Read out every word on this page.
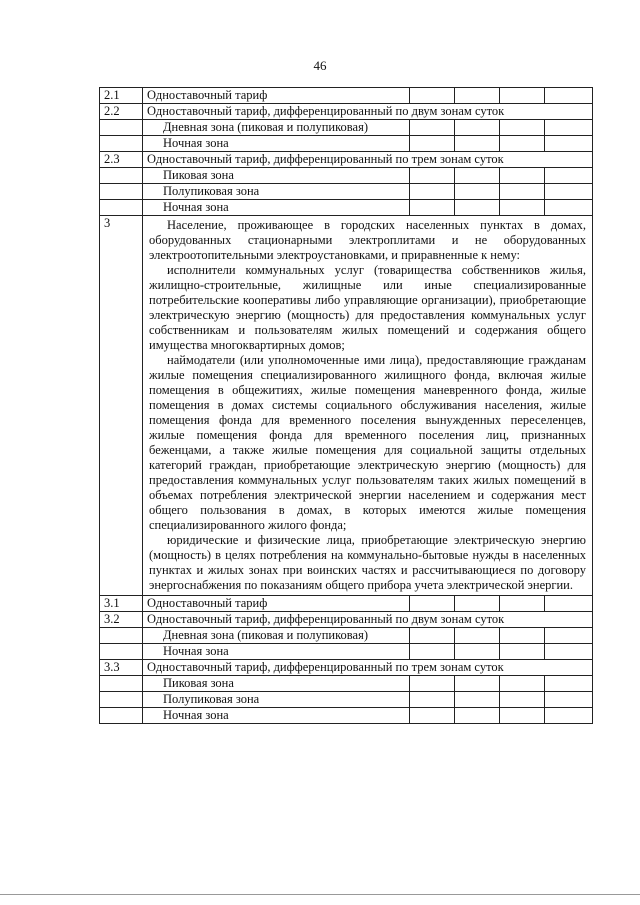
46
2.1	Одноставочный тариф				
2.2	Одноставочный тариф, дифференцированный по двум зонам суток				
	Дневная зона (пиковая и полупиковая)				
	Ночная зона				
2.3	Одноставочный тариф, дифференцированный по трем зонам суток				
	Пиковая зона				
	Полупиковая зона				
	Ночная зона				
3	Население, проживающее в городских населенных пунктах в домах, оборудованных стационарными электроплитами и не оборудованных электроотопительными электроустановками, и приравненные к нему:

исполнители коммунальных услуг (товарищества собственников жилья, жилищно-строительные, жилищные или иные специализированные потребительские кооперативы либо управляющие организации), приобретающие электрическую энергию (мощность) для предоставления коммунальных услуг собственникам и пользователям жилых помещений и содержания общего имущества многоквартирных домов;

наймодатели (или уполномоченные ими лица), предоставляющие гражданам жилые помещения специализированного жилищного фонда, включая жилые помещения в общежитиях, жилые помещения маневренного фонда, жилые помещения в домах системы социального обслуживания населения, жилые помещения фонда для временного поселения вынужденных переселенцев, жилые помещения фонда для временного поселения лиц, признанных беженцами, а также жилые помещения для социальной защиты отдельных категорий граждан, приобретающие электрическую энергию (мощность) для предоставления коммунальных услуг пользователям таких жилых помещений в объемах потребления электрической энергии населением и содержания мест общего пользования в домах, в которых имеются жилые помещения специализированного жилого фонда;

юридические и физические лица, приобретающие электрическую энергию (мощность) в целях потребления на коммунально-бытовые нужды в населенных пунктах и жилых зонах при воинских частях и рассчитывающиеся по договору энергоснабжения по показаниям общего прибора учета электрической энергии.				

3.1	Одноставочный тариф				
3.2	Одноставочный тариф, дифференцированный по двум зонам суток				
	Дневная зона (пиковая и полупиковая)				
	Ночная зона				
3.3	Одноставочный тариф, дифференцированный по трем зонам суток				
	Пиковая зона				
	Полупиковая зона				
	Ночная зона				
